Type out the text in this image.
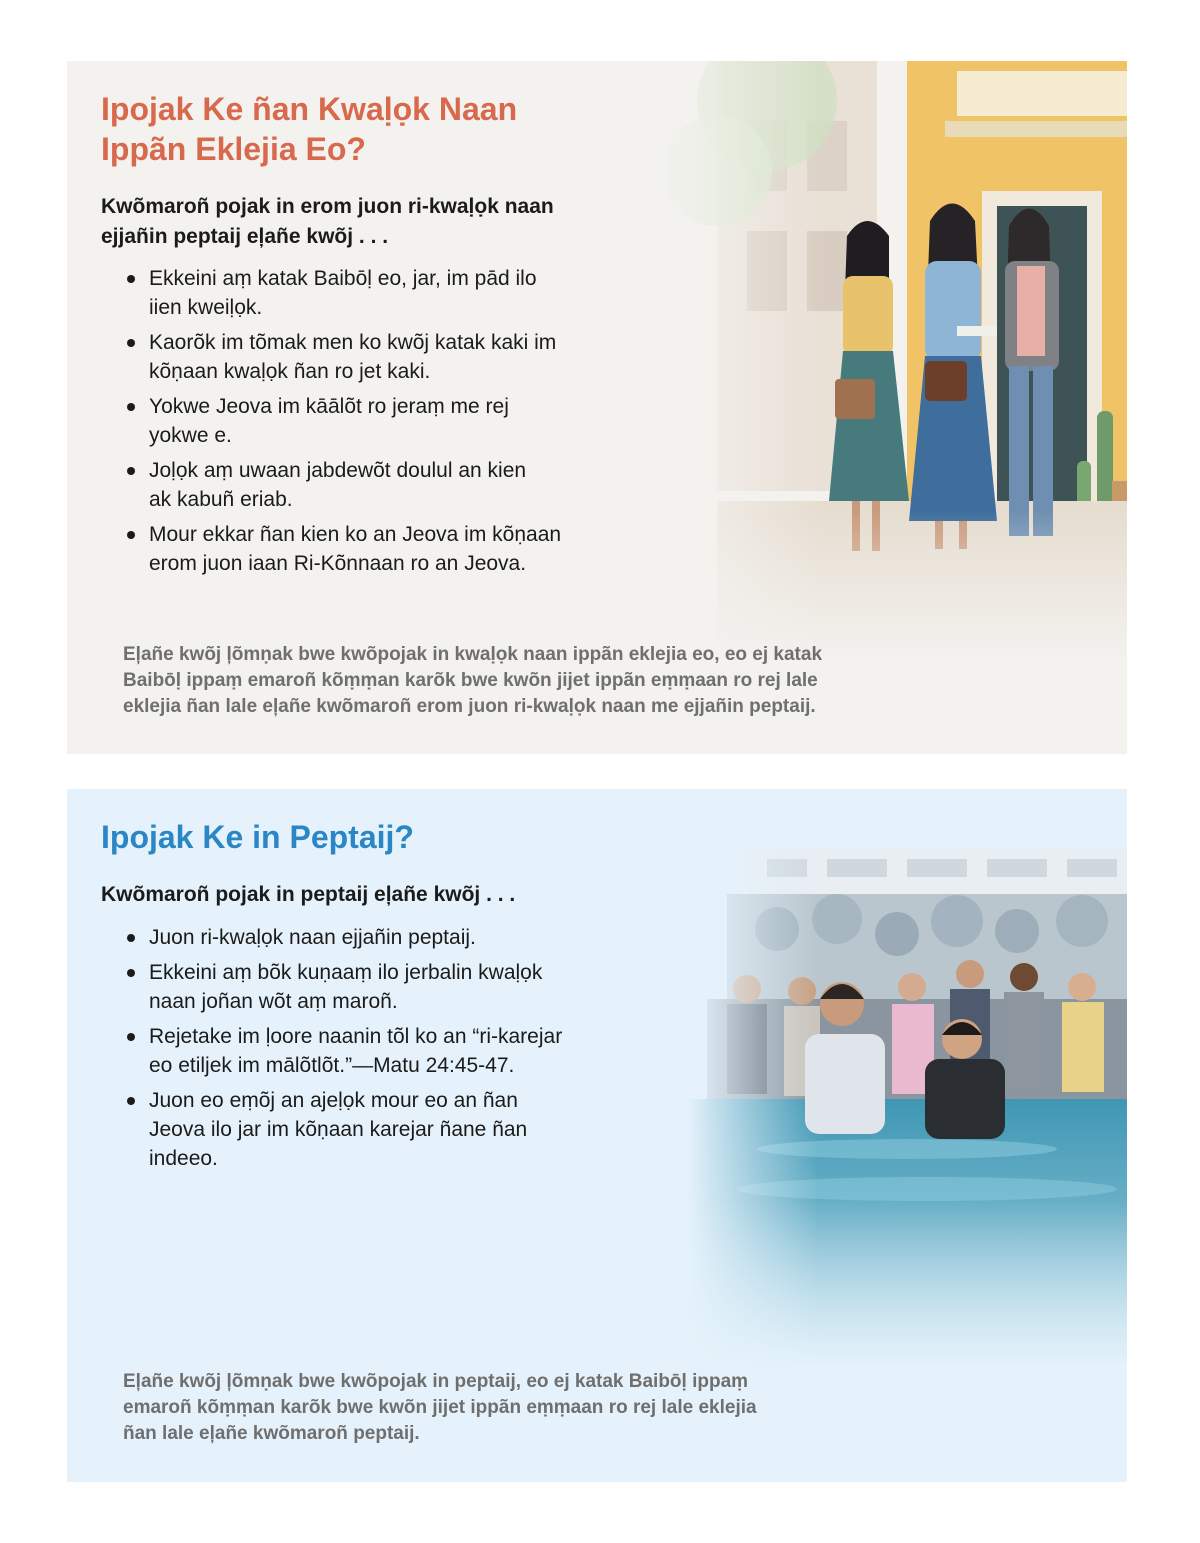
Ipojak Ke ñan Kwaḷọk Naan
Ippãn Eklejia Eo?

Kwõmaroñ pojak in erom juon ri-kwaḷọk naan
ejjañin peptaij eļañe kwõj . . .

Ekkeini aṃ katak Baibōḷ eo, jar, im pād ilo
iien kweiḷọk.
Kaorõk im tõmak men ko kwõj katak kaki im
kõṇaan kwaḷọk ñan ro jet kaki.
Yokwe Jeova im kāālõt ro jeraṃ me rej
yokwe e.
Joḷọk aṃ uwaan jabdewõt doulul an kien
ak kabuñ eriab.
Mour ekkar ñan kien ko an Jeova im kõṇaan
erom juon iaan Ri-Kõnnaan ro an Jeova.

Eļañe kwõj ļõmṇak bwe kwõpojak in kwaḷọk naan ippãn eklejia eo, eo ej katak
Baibōḷ ippaṃ emaroñ kõṃṃan karõk bwe kwõn jijet ippãn eṃṃaan ro rej lale
eklejia ñan lale eļañe kwõmaroñ erom juon ri-kwaḷọk naan me ejjañin peptaij.

Ipojak Ke in Peptaij?

Kwõmaroñ pojak in peptaij eļañe kwõj . . .

Juon ri-kwaḷọk naan ejjañin peptaij.
Ekkeini aṃ bõk kuṇaaṃ ilo jerbalin kwaḷọk
naan joñan wõt aṃ maroñ.
Rejetake im ḷoore naanin tõl ko an “ri-karejar
eo etiljek im mālõtlõt.”—Matu 24:45-47.
Juon eo eṃõj an ajeḷọk mour eo an ñan
Jeova ilo jar im kõṇaan karejar ñane ñan
indeeo.

Eļañe kwõj ļõmṇak bwe kwõpojak in peptaij, eo ej katak Baibōḷ ippaṃ
emaroñ kõṃṃan karõk bwe kwõn jijet ippãn eṃṃaan ro rej lale eklejia
ñan lale eļañe kwõmaroñ peptaij.
